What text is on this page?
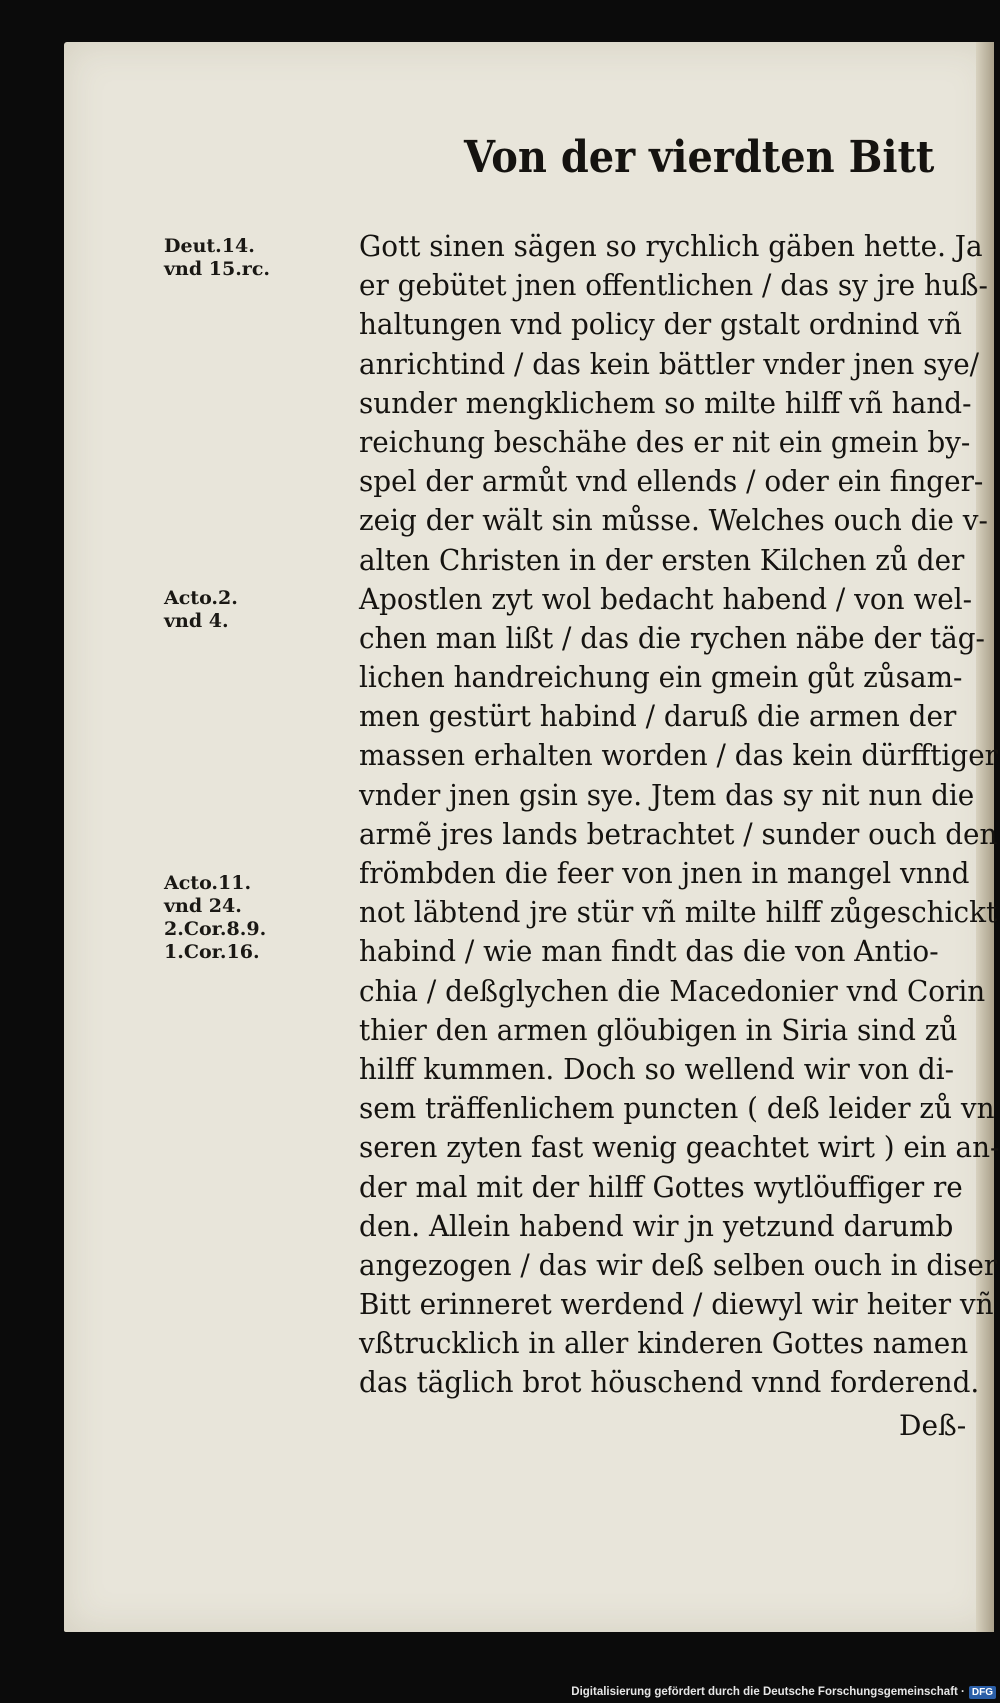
Von der vierdten Bitt
Deut.14.
vnd 15.rc.
Acto.2.
vnd 4.
Acto.11.
vnd 24.
2.Cor.8.9.
1.Cor.16.
Gott sinen sägen so rychlich gäben hette. Ja
er gebütet jnen offentlichen / das sy jre huß-
haltungen vnd policy der gstalt ordnind vñ
anrichtind / das kein bättler vnder jnen sye/
sunder mengklichem so milte hilff vñ hand-
reichung beschähe des er nit ein gmein by-
spel der armůt vnd ellends / oder ein finger-
zeig der wält sin můsse. Welches ouch die v-
alten Christen in der ersten Kilchen zů der
Apostlen zyt wol bedacht habend / von wel-
chen man lißt / das die rychen näbe der täg-
lichen handreichung ein gmein gůt zůsam-
men gestürt habind / daruß die armen der
massen erhalten worden / das kein dürfftiger
vnder jnen gsin sye. Jtem das sy nit nun die
armẽ jres lands betrachtet / sunder ouch den
frömbden die feer von jnen in mangel vnnd
not läbtend jre stür vñ milte hilff zůgeschickt
habind / wie man findt das die von Antio-
chia / deßglychen die Macedonier vnd Corin
thier den armen glöubigen in Siria sind zů
hilff kummen. Doch so wellend wir von di-
sem träffenlichem puncten ( deß leider zů vn
seren zyten fast wenig geachtet wirt ) ein an-
der mal mit der hilff Gottes wytlöuffiger re
den. Allein habend wir jn yetzund darumb
angezogen / das wir deß selben ouch in diser
Bitt erinneret werdend / diewyl wir heiter vñ
vßtrucklich in aller kinderen Gottes namen
das täglich brot höuschend vnnd forderend.
Deß-
Digitalisierung gefördert durch die Deutsche Forschungsgemeinschaft · DFG
